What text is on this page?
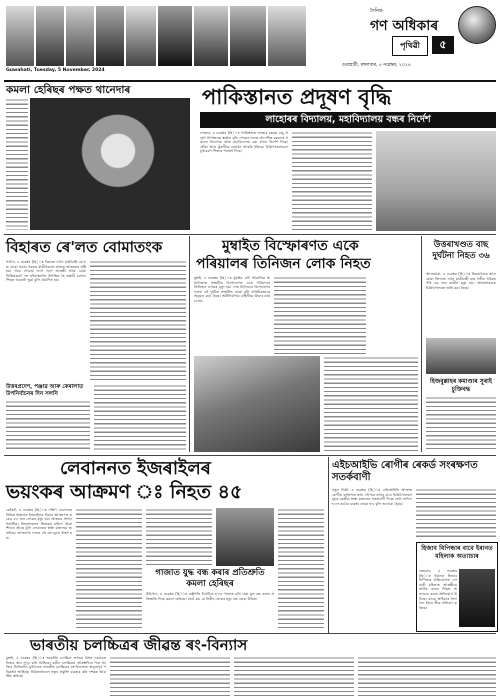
Guwahati, Tuesday, 5 November, 2024
দৈনিক
গণ অধিকাৰ
পৃথিৱী	৫
গুৱাহাটী, মঙ্গলবাৰ, ৫ নৱেম্বৰ, ২০২৪
কমলা হেৰিছৰ পক্ষত থানেদাৰ	পাকিস্তানত প্ৰদূষণ বৃদ্ধি
লাহোৰৰ বিদ্যালয়, মহাবিদ্যালয় বন্ধৰ নিৰ্দেশ
লাহোৰ, ৪ নৱেম্বৰ (ছি)ঃ পাকিস্তানৰ লাহোৰ চহৰত বায়ু প্ৰদূষণ বিপজ্জনক স্তৰলৈ বৃদ্ধি পোৱাৰ ফলত প্ৰাদেশিক চৰকাৰে সকলো বিদ্যালয় আৰু মহাবিদ্যালয় বন্ধ ৰখাৰ নিৰ্দেশ দিছে। ধোঁৱা আৰু কুঁৱলীয়ে চহৰখন আৱৰি ধৰিছে। চিকিৎসকসকলে মুখাৱৰণ পিন্ধাৰ পৰামৰ্শ দিছে।
বিহাৰত ৰে'লত বোমাতংক
পাটনা, ৪ নৱেম্বৰ (ছি)ঃ বিহাৰৰ এখন যাত্ৰীবাহী ৰে'লত বোমা থকাৰ খবৰত যাত্ৰীসকলৰ মাজত আতংকৰ সৃষ্টি হয়। খবৰ পোৱাৰ লগে লগে আৰক্ষী আৰু বোমা নিষ্ক্ৰিয়কৰণ দল ঘটনাস্থললৈ উপস্থিত হৈ তল্লাচী চলায়। পিছত খবৰটো ভুৱা বুলি প্ৰমাণিত হয়।
উত্তৰপ্ৰদেশ, পঞ্জাৱ আৰু কেৰালাত উপনিৰ্বাচনৰ দিন সলনি
মুম্বাইত বিস্ফোৰণত একে
পৰিয়ালৰ তিনিজন লোক নিহত
মুম্বাই, ৪ নৱেম্বৰ (ছি)ঃ মুম্বাইৰ এটা আৱাসিক অট্টালিকাত সংঘটিত বিস্ফোৰণত একে পৰিয়ালৰ তিনিজন লোকৰ মৃত্যু হয়। গেছ চিলিণ্ডাৰ বিস্ফোৰণৰ ফলত এই দুৰ্ঘটনা সংঘটিত হোৱা বুলি প্ৰাথমিকভাৱে অনুমান কৰা হৈছে। অগ্নিনিৰ্বাপক বাহিনীয়ে উদ্ধাৰ কাৰ্য চলায়।
উত্তৰাখণ্ডত বাছ দুৰ্ঘটনা নিহত ৩৬
আলমোৰা, ৪ নৱেম্বৰ (ছি)ঃ উত্তৰাখণ্ডৰ আলমোৰা জিলাত এখন যাত্ৰীবাহী বাছ গভীৰ খাৱৈত পৰি ৩৬ জন যাত্ৰীৰ মৃত্যু হয়। আহতসকলক চিকিৎসালয়ত ভৰ্তি কৰা হৈছে।
হিজবুল্লাহৰ কমাণ্ডাৰ সুৰাই চুক্তিবদ্ধ
লেবাননত ইজৰাইলৰ
ভয়ংকৰ আক্ৰমণ ঃ নিহত ৪৫
বেইৰুট, ৪ নৱেম্বৰ (ছি)ঃ দক্ষিণ লেবাননৰ বিভিন্ন অঞ্চলত ইজৰাইলৰ বিমান আক্ৰমণত কমেও ৪৫ জন লোকৰ মৃত্যু হয়। আহতৰ সংখ্যা শতাধিক। নিহতসকলৰ ভিতৰত মহিলা আৰু শিশুও আছে বুলি লেবাননৰ স্বাস্থ্য মন্ত্ৰালয়ে জনাইছে। আক্ৰমণৰ ফলত বহু ঘৰ-দুৱাৰ ধ্বংস হয়।
গাজাত যুদ্ধ বন্ধ কৰাৰ প্ৰতিশ্ৰুতি কমলা হেৰিছৰ
মিচিগান, ৪ নৱেম্বৰ (ছি)ঃ ৰাষ্ট্ৰপতি নিৰ্বাচিত হ'লে গাজাত চলি থকা যুদ্ধ বন্ধ কৰাৰ প্ৰতিশ্ৰুতি দিছে কমলা হেৰিছে। তেওঁ কয় যে নিৰীহ লোকৰ মৃত্যু বন্ধ হোৱা উচিত।
এইচআইভি ৰোগীৰ ৰেকৰ্ড সংৰক্ষণত সতৰ্কবাণী
নতুন দিল্লী, ৪ নৱেম্বৰ (ছি)ঃ এইচআইভি আক্ৰান্ত ৰোগীৰ ব্যক্তিগত তথ্য গোপনে ৰখাৰ বাবে চিকিৎসালয়সমূহক কেন্দ্ৰীয় স্বাস্থ্য মন্ত্ৰালয়ে সতৰ্কবাণী দিছে। তথ্য ফাদিল হ'লে কঠোৰ ব্যৱস্থা লোৱা হ'ব বুলি জনোৱা হৈছে।
হিজাব বিপিন্ধাৰ বাবে ইৰানত মহিলাক অত্যাচাৰ
তেহৰান, ৪ নৱেম্বৰ (ছি)ঃ ইৰানত হিজাব নিপিন্ধাৰ অভিযোগত এগৰাকী মহিলাক আৰক্ষীয়ে আটক কৰাৰ পিছত অত্যাচাৰ কৰাৰ অভিযোগ উঠিছে। মানৱ অধিকাৰ সংগঠনে ইয়াৰ তীব্ৰ প্ৰতিবাদ কৰিছে।
ভাৰতীয় চলচ্চিত্ৰৰ জীৱন্ত ৰং-বিন্যাস
মুম্বাই, ৪ নৱেম্বৰ (ছি)ঃ ভাৰতীয় চলচ্চিত্ৰ জগতে বিশ্বৰ দৰবাৰত নিজৰ স্থান সুদৃঢ় কৰি আহিছে। ৰঙীন চলচ্চিত্ৰৰ আৰম্ভণিৰে পৰা আজিৰ ডিজিটেল যুগলৈকে ভাৰতীয় চলচ্চিত্ৰৰ ৰং-বিন্যাসত অভূতপূৰ্ব পৰিৱৰ্তন আহিছে। নিৰ্মাতাসকলে নতুন প্ৰযুক্তি ব্যৱহাৰ কৰি দৰ্শকক আকৰ্ষিত কৰিছে।
